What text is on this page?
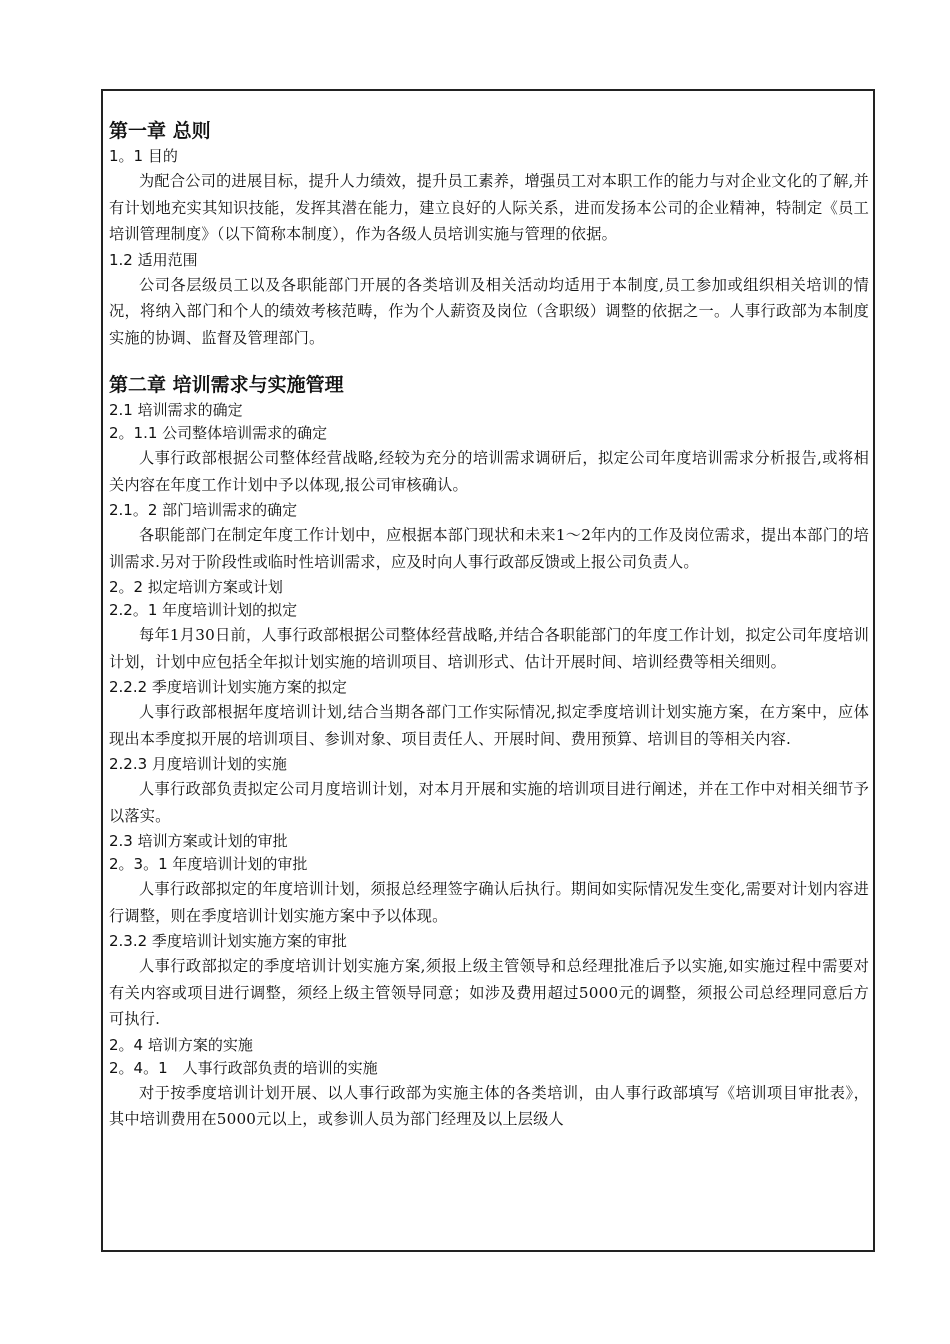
第一章 总则

1。1 目的

为配合公司的进展目标，提升人力绩效，提升员工素养，增强员工对本职工作的能力与对企业文化的了解,并有计划地充实其知识技能，发挥其潜在能力，建立良好的人际关系，进而发扬本公司的企业精神，特制定《员工培训管理制度》（以下简称本制度），作为各级人员培训实施与管理的依据。

1.2 适用范围

公司各层级员工以及各职能部门开展的各类培训及相关活动均适用于本制度,员工参加或组织相关培训的情况，将纳入部门和个人的绩效考核范畴，作为个人薪资及岗位（含职级）调整的依据之一。人事行政部为本制度实施的协调、监督及管理部门。

第二章 培训需求与实施管理

2.1 培训需求的确定

2。1.1 公司整体培训需求的确定

人事行政部根据公司整体经营战略,经较为充分的培训需求调研后，拟定公司年度培训需求分析报告,或将相关内容在年度工作计划中予以体现,报公司审核确认。

2.1。2 部门培训需求的确定

各职能部门在制定年度工作计划中，应根据本部门现状和未来1～2年内的工作及岗位需求，提出本部门的培训需求.另对于阶段性或临时性培训需求，应及时向人事行政部反馈或上报公司负责人。

2。2 拟定培训方案或计划

2.2。1 年度培训计划的拟定

每年1月30日前，人事行政部根据公司整体经营战略,并结合各职能部门的年度工作计划，拟定公司年度培训计划，计划中应包括全年拟计划实施的培训项目、培训形式、估计开展时间、培训经费等相关细则。

2.2.2 季度培训计划实施方案的拟定

人事行政部根据年度培训计划,结合当期各部门工作实际情况,拟定季度培训计划实施方案，在方案中，应体现出本季度拟开展的培训项目、参训对象、项目责任人、开展时间、费用预算、培训目的等相关内容.

2.2.3 月度培训计划的实施

人事行政部负责拟定公司月度培训计划，对本月开展和实施的培训项目进行阐述，并在工作中对相关细节予以落实。

2.3 培训方案或计划的审批

2。3。1 年度培训计划的审批

人事行政部拟定的年度培训计划，须报总经理签字确认后执行。期间如实际情况发生变化,需要对计划内容进行调整，则在季度培训计划实施方案中予以体现。

2.3.2 季度培训计划实施方案的审批

人事行政部拟定的季度培训计划实施方案,须报上级主管领导和总经理批准后予以实施,如实施过程中需要对有关内容或项目进行调整，须经上级主管领导同意；如涉及费用超过5000元的调整，须报公司总经理同意后方可执行.

2。4 培训方案的实施

2。4。1　人事行政部负责的培训的实施

对于按季度培训计划开展、以人事行政部为实施主体的各类培训，由人事行政部填写《培训项目审批表》，其中培训费用在5000元以上，或参训人员为部门经理及以上层级人
